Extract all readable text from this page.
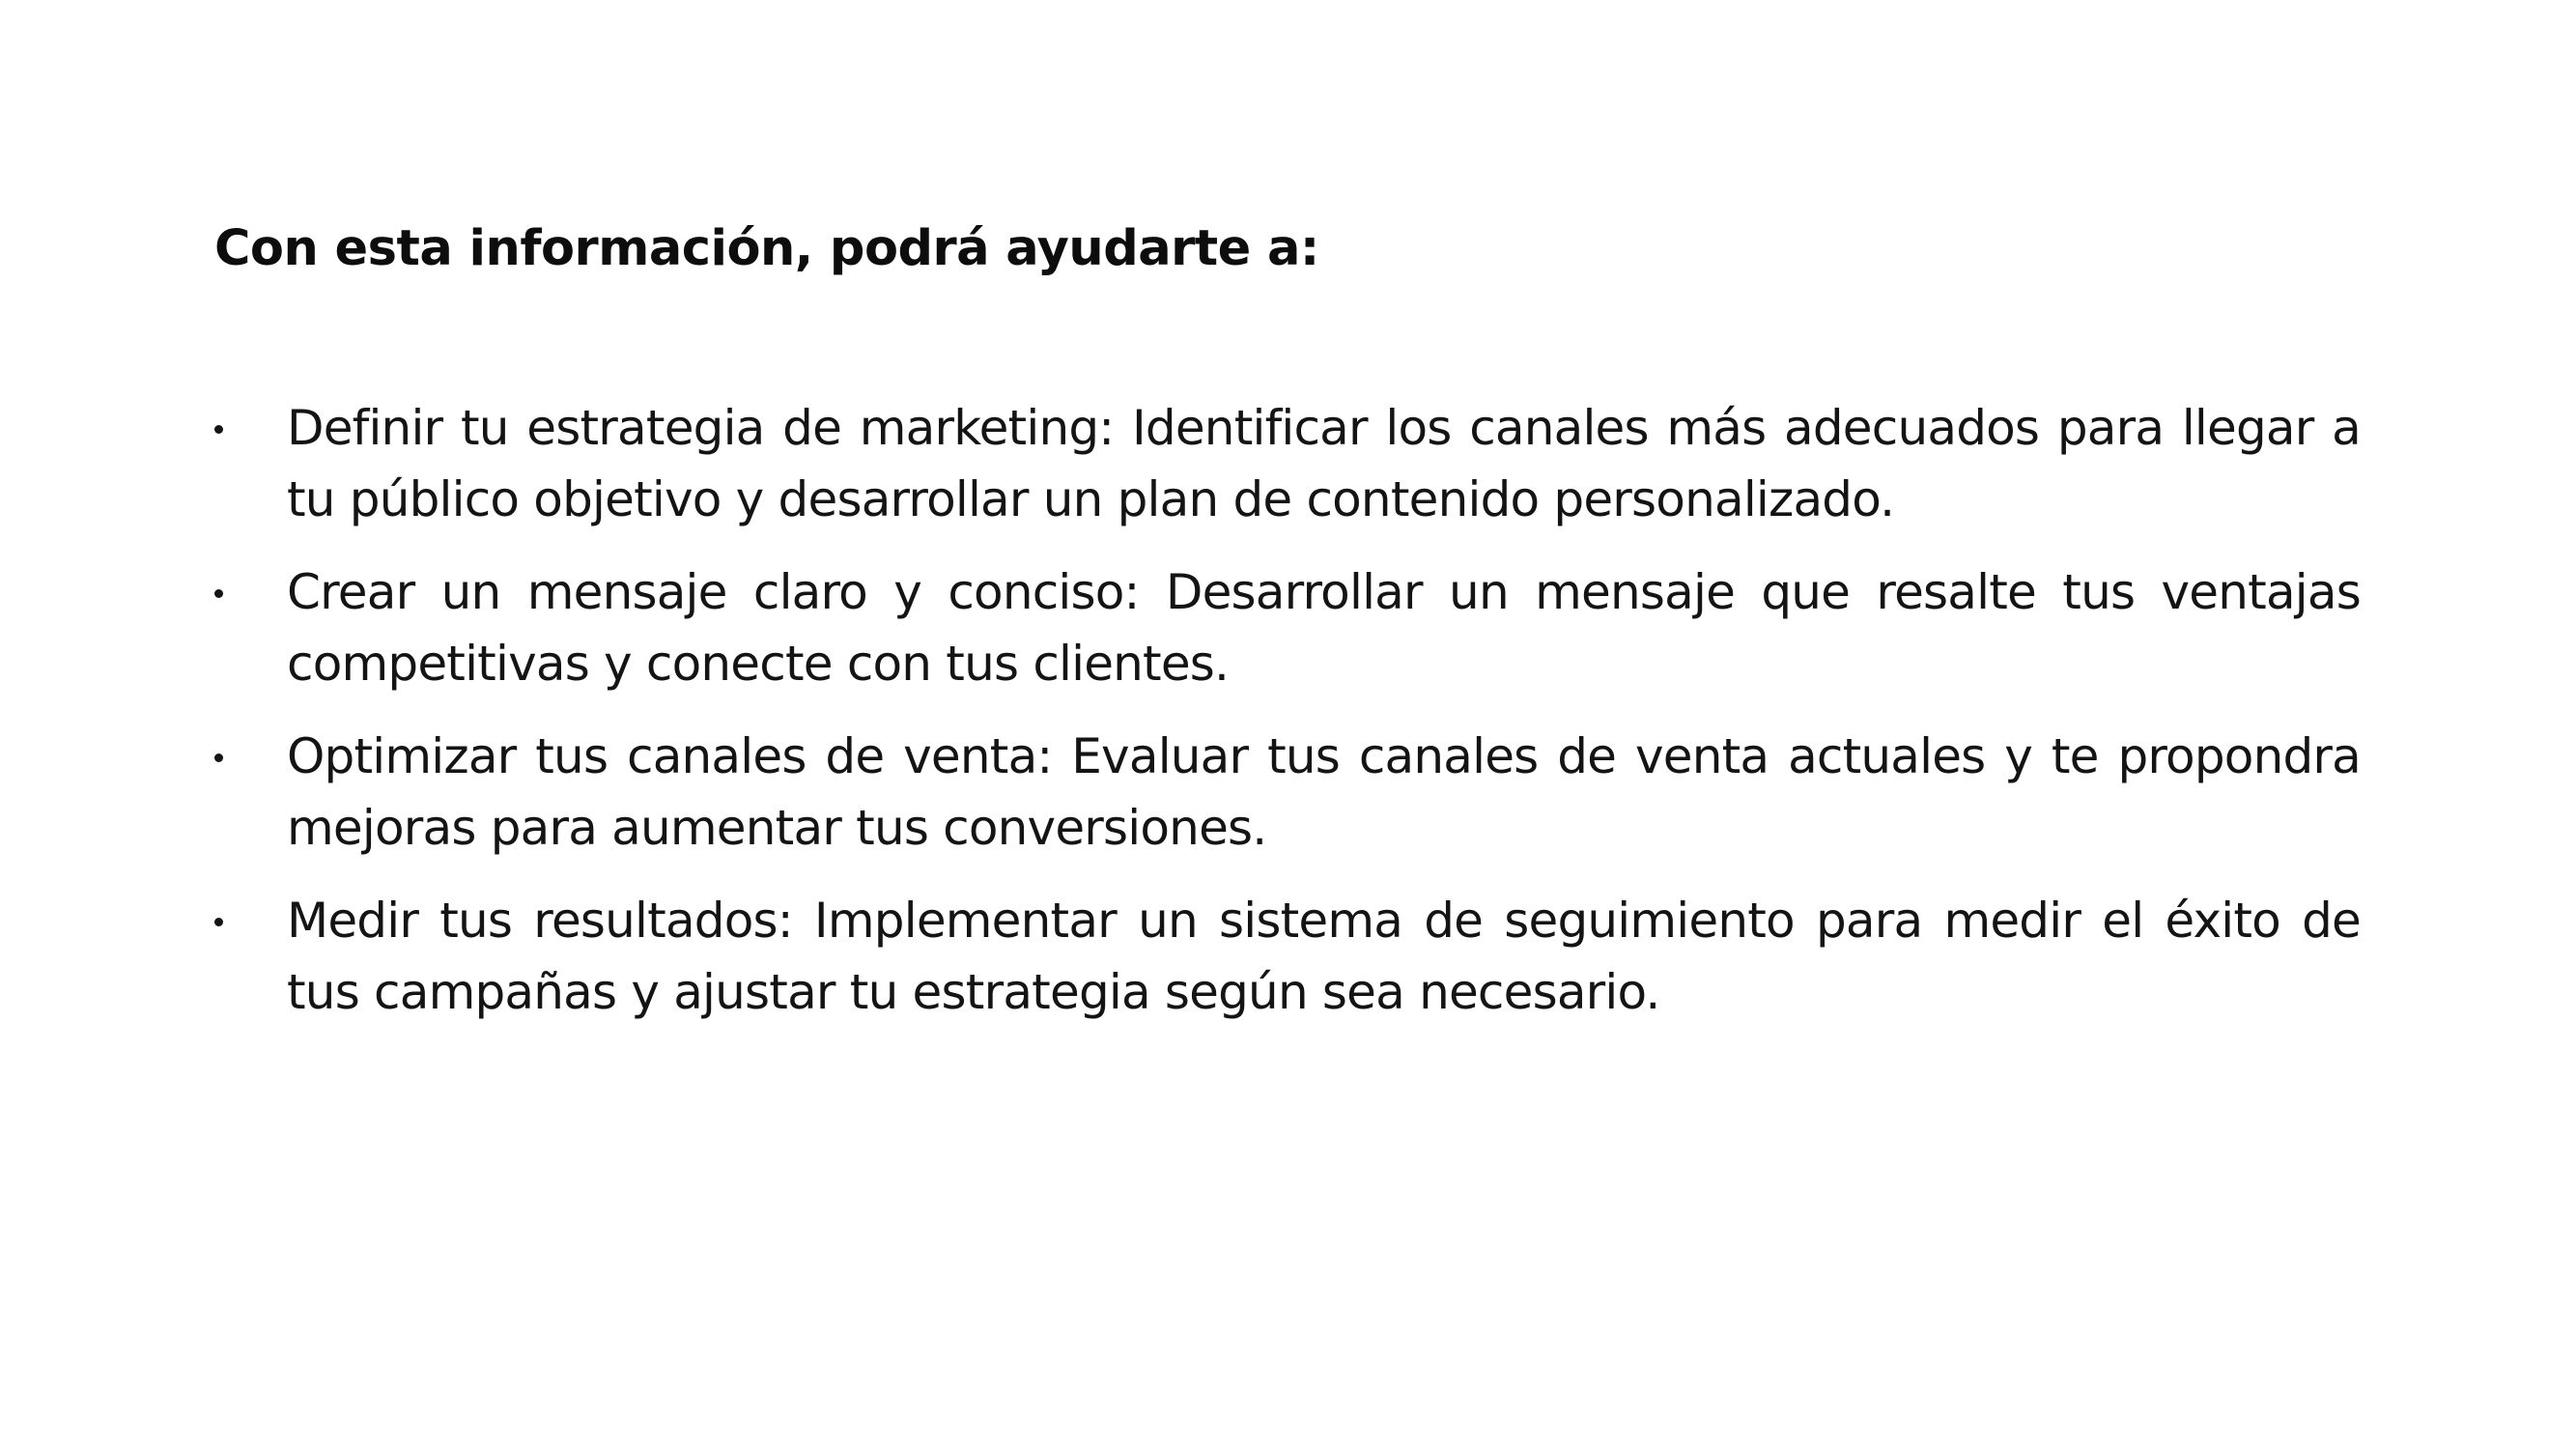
Con esta información, podrá ayudarte a:
Definir tu estrategia de marketing: Identificar los canales más adecuados para llegar a tu público objetivo y desarrollar un plan de contenido personalizado.
Crear un mensaje claro y conciso: Desarrollar un mensaje que resalte tus ventajas competitivas y conecte con tus clientes.
Optimizar tus canales de venta: Evaluar tus canales de venta actuales y te propondra mejoras para aumentar tus conversiones.
Medir tus resultados: Implementar un sistema de seguimiento para medir el éxito de tus campañas y ajustar tu estrategia según sea necesario.
